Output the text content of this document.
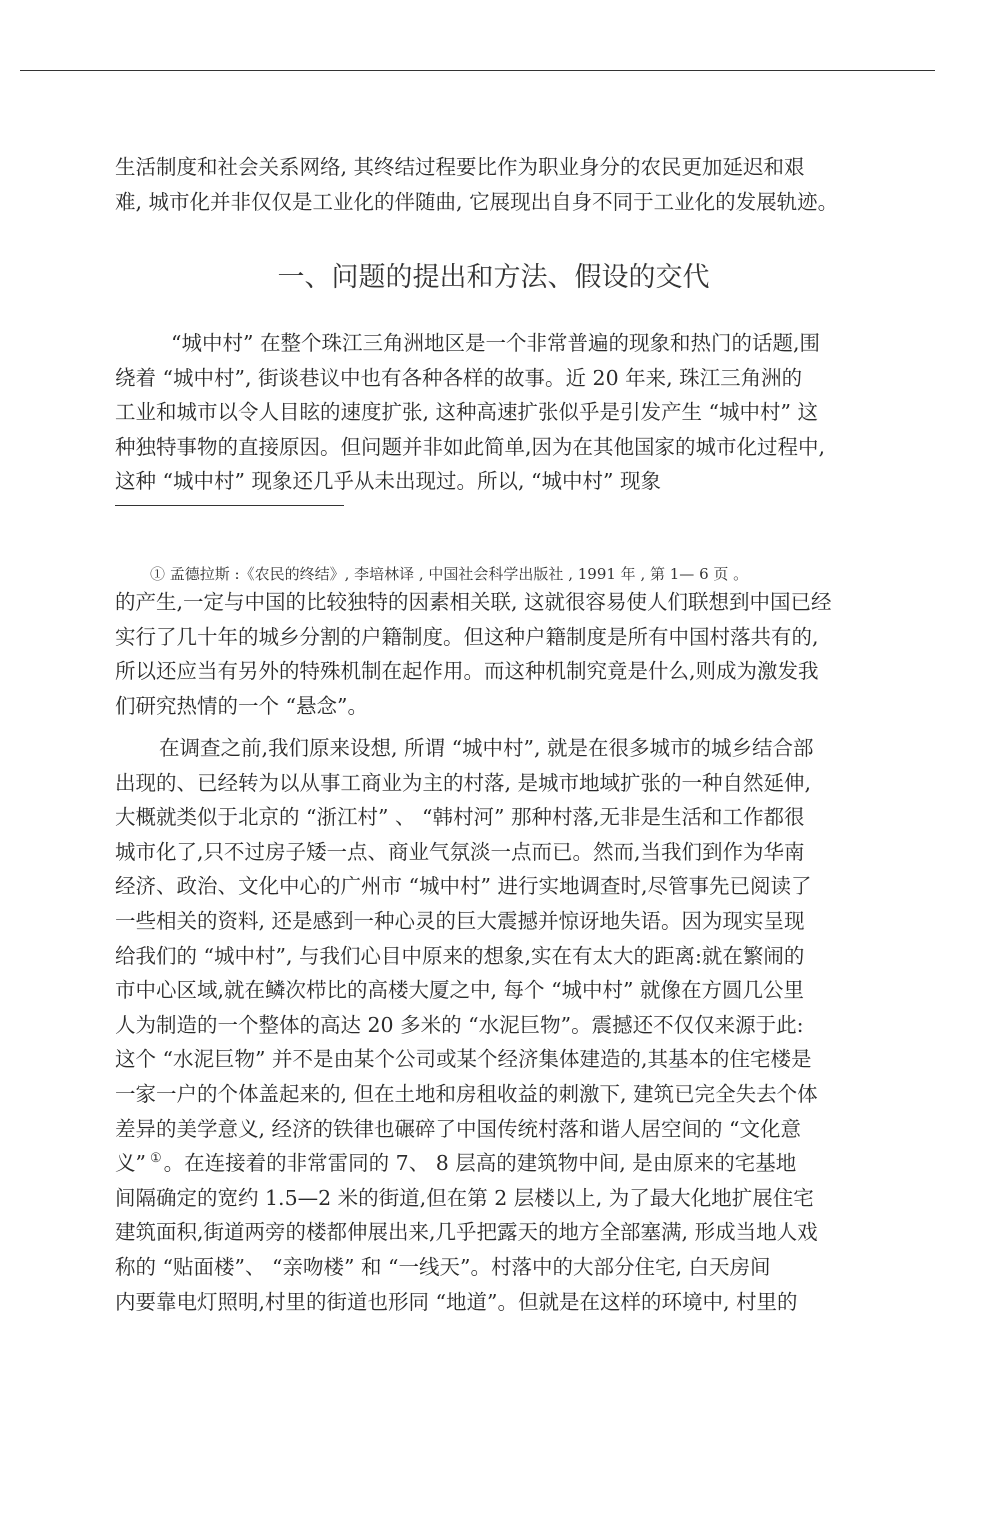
生活制度和社会关系网络, 其终结过程要比作为职业身分的农民更加延迟和艰
难, 城市化并非仅仅是工业化的伴随曲, 它展现出自身不同于工业化的发展轨迹。
一、问题的提出和方法、假设的交代
“城中村” 在整个珠江三角洲地区是一个非常普遍的现象和热门的话题,围
绕着 “城中村”, 街谈巷议中也有各种各样的故事。近 20 年来, 珠江三角洲的
工业和城市以令人目眩的速度扩张, 这种高速扩张似乎是引发产生 “城中村” 这
种独特事物的直接原因。但问题并非如此简单,因为在其他国家的城市化过程中,
这种 “城中村” 现象还几乎从未出现过。所以, “城中村” 现象
① 孟德拉斯 :《农民的终结》, 李培林译 , 中国社会科学出版社 , 1991 年 , 第 1— 6 页 。
的产生,一定与中国的比较独特的因素相关联, 这就很容易使人们联想到中国已经
实行了几十年的城乡分割的户籍制度。但这种户籍制度是所有中国村落共有的,
所以还应当有另外的特殊机制在起作用。而这种机制究竟是什么,则成为激发我
们研究热情的一个 “悬念”。
在调查之前,我们原来设想, 所谓 “城中村”, 就是在很多城市的城乡结合部
出现的、已经转为以从事工商业为主的村落, 是城市地域扩张的一种自然延伸,
大概就类似于北京的 “浙江村” 、 “韩村河” 那种村落,无非是生活和工作都很
城市化了,只不过房子矮一点、商业气氛淡一点而已。然而,当我们到作为华南
经济、政治、文化中心的广州市 “城中村” 进行实地调查时,尽管事先已阅读了
一些相关的资料, 还是感到一种心灵的巨大震撼并惊讶地失语。因为现实呈现
给我们的 “城中村”, 与我们心目中原来的想象,实在有太大的距离:就在繁闹的
市中心区域,就在鳞次栉比的高楼大厦之中, 每个 “城中村” 就像在方圆几公里
人为制造的一个整体的高达 20 多米的 “水泥巨物”。震撼还不仅仅来源于此:
这个 “水泥巨物” 并不是由某个公司或某个经济集体建造的,其基本的住宅楼是
一家一户的个体盖起来的, 但在土地和房租收益的刺激下, 建筑已完全失去个体
差异的美学意义, 经济的铁律也碾碎了中国传统村落和谐人居空间的 “文化意
义” ①。在连接着的非常雷同的 7、 8 层高的建筑物中间, 是由原来的宅基地
间隔确定的宽约 1.5—2 米的街道,但在第 2 层楼以上, 为了最大化地扩展住宅
建筑面积,街道两旁的楼都伸展出来,几乎把露天的地方全部塞满, 形成当地人戏
称的 “贴面楼”、 “亲吻楼” 和 “一线天”。村落中的大部分住宅, 白天房间
内要靠电灯照明,村里的街道也形同 “地道”。但就是在这样的环境中, 村里的
